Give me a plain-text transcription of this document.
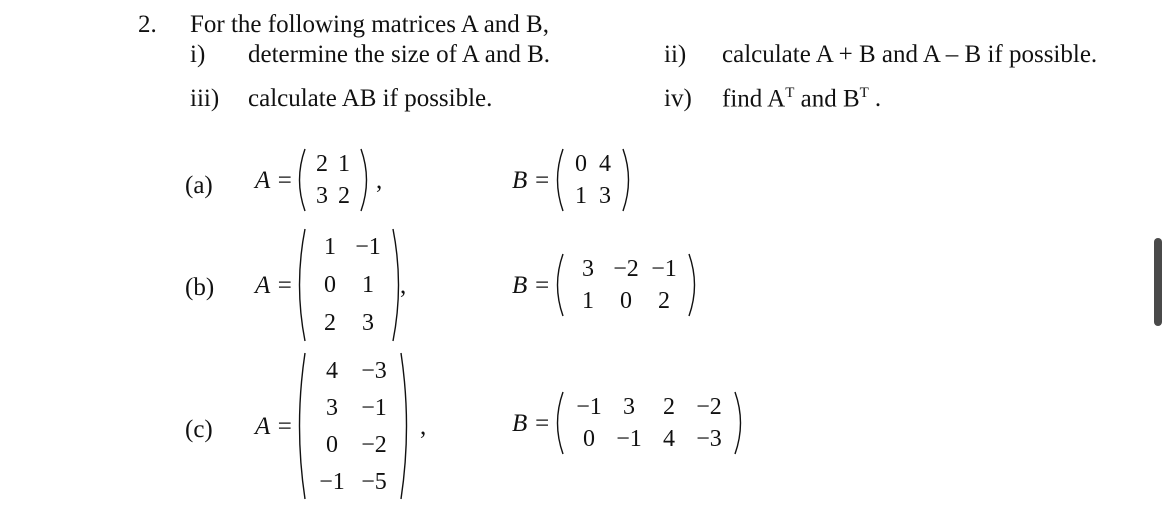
2. For the following matrices A and B,
i) determine the size of A and B.	ii) calculate A + B and A – B if possible.
iii) calculate AB if possible.	iv) find $A^T$ and $B^T$ .
(a) A =
2 1
3 2
,	B =
0 4
1 3
(b) A =
1 −1
0	1
2	3
,	B =
3 −2 −1
1	0	2
(c) A =
4 −3
3 −1
0 −2
−1 −5
,	B =
−1 3	2 −2
0 −1 4 −3
